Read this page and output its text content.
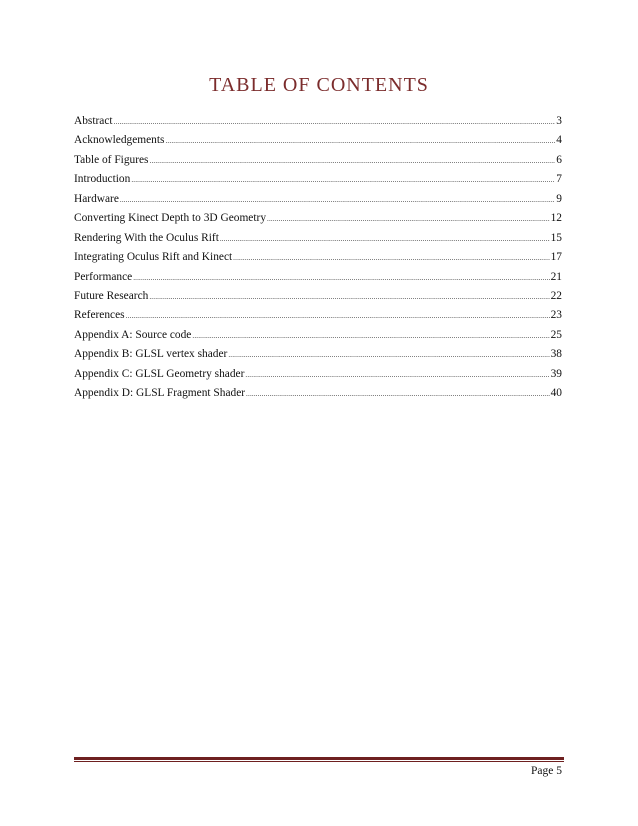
TABLE OF CONTENTS
Abstract .....	3
Acknowledgements .....	4
Table of Figures .....	6
Introduction .....	7
Hardware .....	9
Converting Kinect Depth to 3D Geometry .....	12
Rendering With the Oculus Rift .....	15
Integrating Oculus Rift and Kinect .....	17
Performance .....	21
Future Research .....	22
References .....	23
Appendix A: Source code .....	25
Appendix B: GLSL vertex shader .....	38
Appendix C: GLSL Geometry shader .....	39
Appendix D: GLSL Fragment Shader .....	40
Page 5
